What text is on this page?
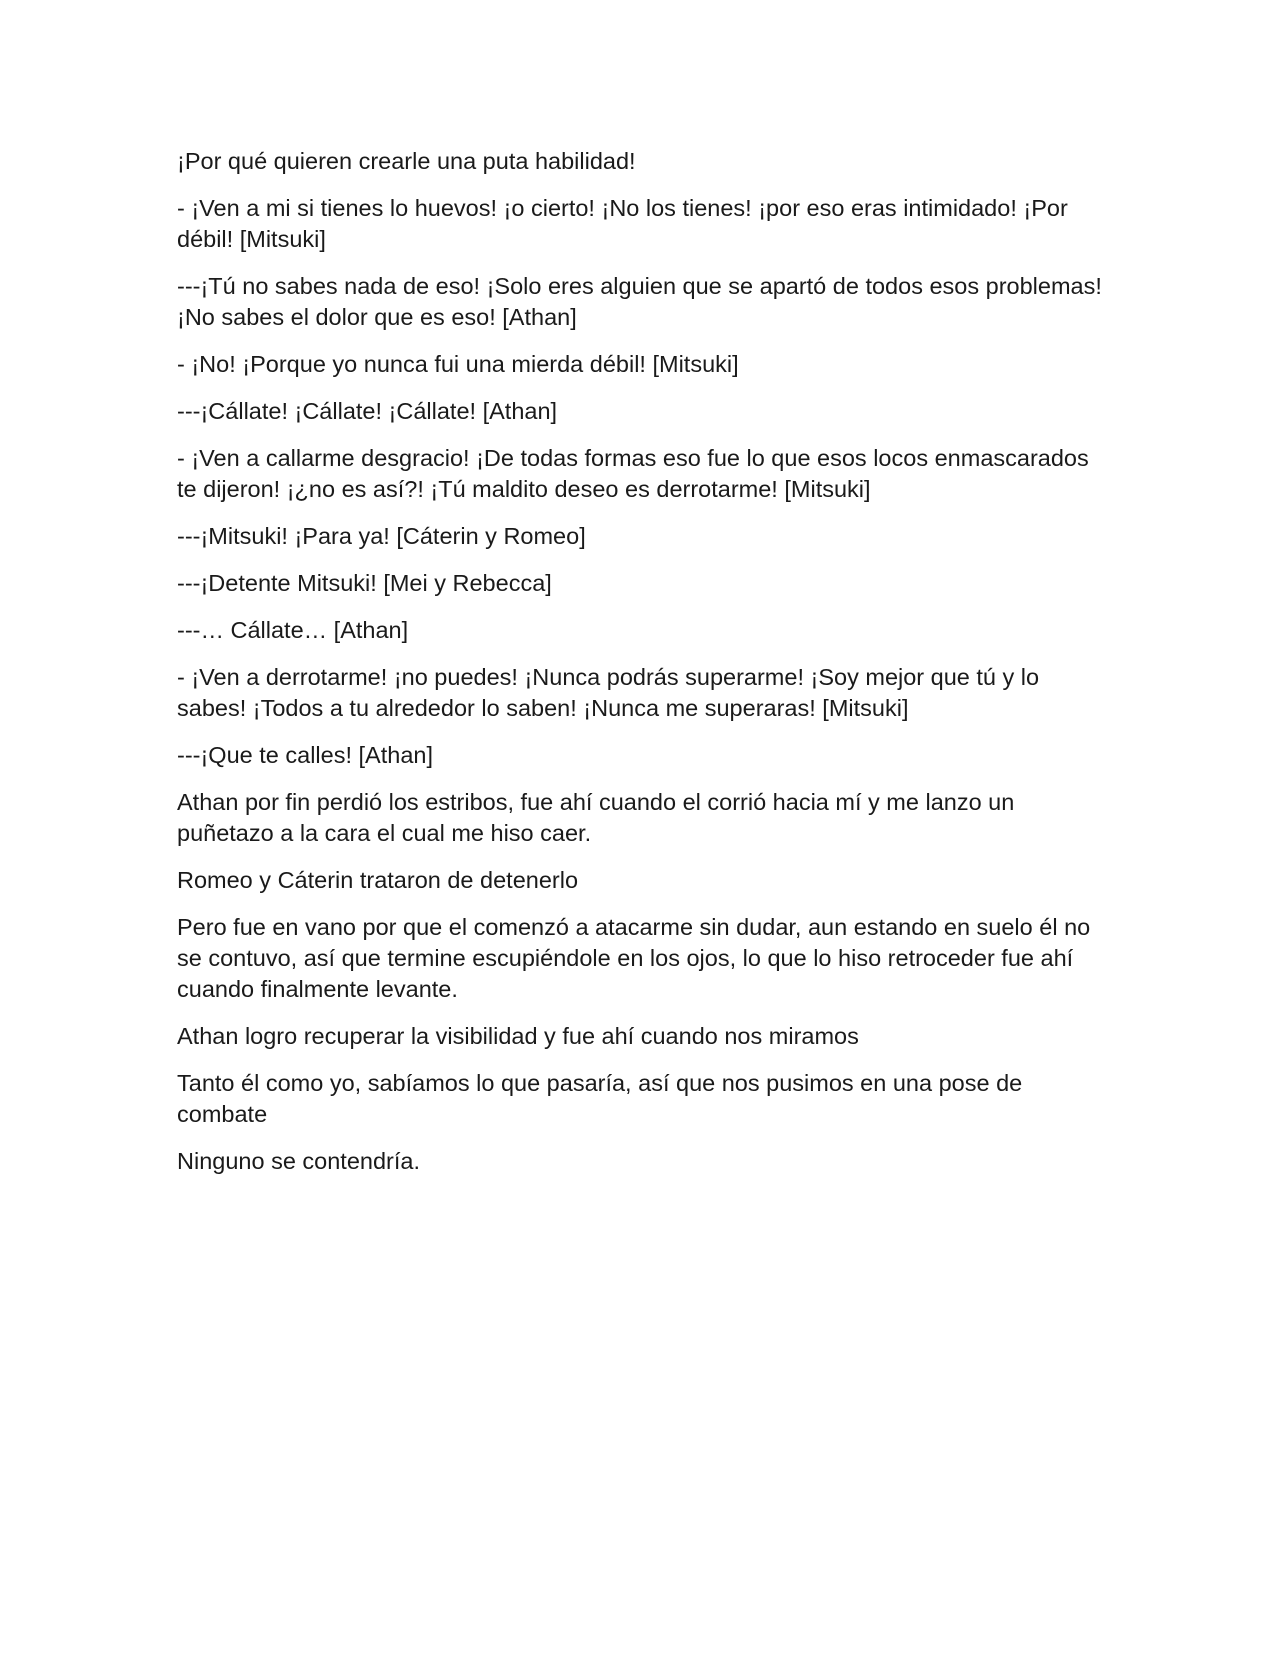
¡Por qué quieren crearle una puta habilidad!

- ¡Ven a mi si tienes lo huevos! ¡o cierto! ¡No los tienes! ¡por eso eras intimidado! ¡Por débil! [Mitsuki]

---¡Tú no sabes nada de eso! ¡Solo eres alguien que se apartó de todos esos problemas! ¡No sabes el dolor que es eso! [Athan]

- ¡No! ¡Porque yo nunca fui una mierda débil! [Mitsuki]

---¡Cállate! ¡Cállate! ¡Cállate! [Athan]

- ¡Ven a callarme desgracio! ¡De todas formas eso fue lo que esos locos enmascarados te dijeron! ¡¿no es así?! ¡Tú maldito deseo es derrotarme! [Mitsuki]

---¡Mitsuki! ¡Para ya! [Cáterin y Romeo]

---¡Detente Mitsuki! [Mei y Rebecca]

---… Cállate… [Athan]

- ¡Ven a derrotarme! ¡no puedes! ¡Nunca podrás superarme! ¡Soy mejor que tú y lo sabes! ¡Todos a tu alrededor lo saben! ¡Nunca me superaras! [Mitsuki]

---¡Que te calles! [Athan]

Athan por fin perdió los estribos, fue ahí cuando el corrió hacia mí y me lanzo un puñetazo a la cara el cual me hiso caer.

Romeo y Cáterin trataron de detenerlo

Pero fue en vano por que el comenzó a atacarme sin dudar, aun estando en suelo él no se contuvo, así que termine escupiéndole en los ojos, lo que lo hiso retroceder fue ahí cuando finalmente levante.

Athan logro recuperar la visibilidad y fue ahí cuando nos miramos

Tanto él como yo, sabíamos lo que pasaría, así que nos pusimos en una pose de combate

Ninguno se contendría.
